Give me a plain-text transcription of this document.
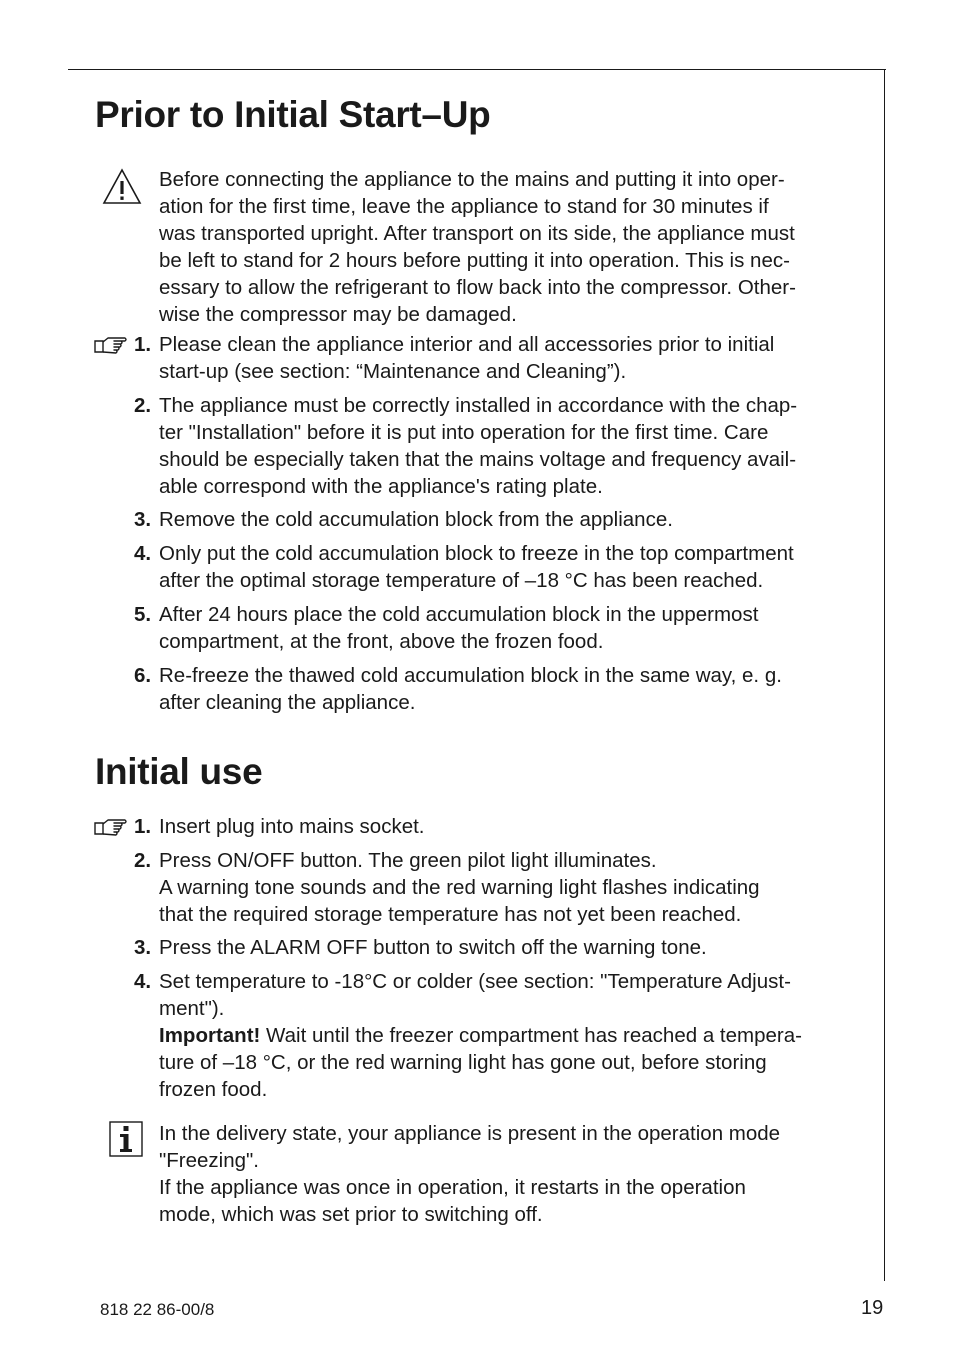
Prior to Initial Start–Up
Before connecting the appliance to the mains and putting it into oper-
ation for the first time, leave the appliance to stand for 30 minutes if
was transported upright. After transport on its side, the appliance must
be left to stand for 2 hours before putting it into operation. This is nec-
essary to allow the refrigerant to flow back into the compressor. Other-
wise the compressor may be damaged.
1. Please clean the appliance interior and all accessories prior to initial
start-up (see section: “Maintenance and Cleaning”).
2. The appliance must be correctly installed in accordance with the chap-
ter "Installation" before it is put into operation for the first time. Care
should be especially taken that the mains voltage and frequency avail-
able correspond with the appliance's rating plate.
3. Remove the cold accumulation block from the appliance.
4. Only put the cold accumulation block to freeze in the top compartment
after the optimal storage temperature of –18 °C has been reached.
5. After 24 hours place the cold accumulation block in the uppermost
compartment, at the front, above the frozen food.
6. Re-freeze the thawed cold accumulation block in the same way, e. g.
after cleaning the appliance.
Initial use
1. Insert plug into mains socket.
2. Press ON/OFF button. The green pilot light illuminates.
A warning tone sounds and the red warning light flashes indicating
that the required storage temperature has not yet been reached.
3. Press the ALARM OFF button to switch off the warning tone.
4. Set temperature to -18°C or colder (see section: "Temperature Adjust-
ment").
Important! Wait until the freezer compartment has reached a tempera-
ture of –18 °C, or the red warning light has gone out, before storing
frozen food.
In the delivery state, your appliance is present in the operation mode
"Freezing".
If the appliance was once in operation, it restarts in the operation
mode, which was set prior to switching off.
818 22 86-00/8	19
